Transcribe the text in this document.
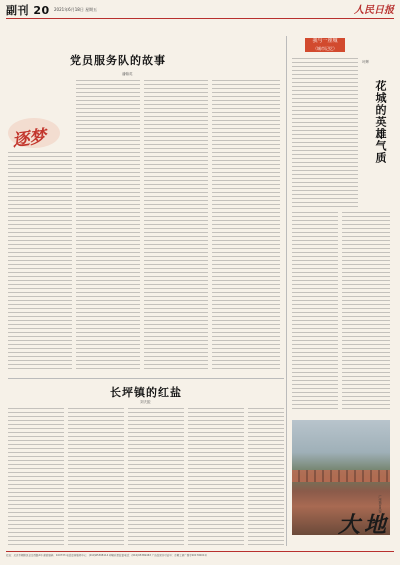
副刊 20 2021年6月18日 星期五	人民日报
党员服务队的故事
潘翰英
逐梦
我与一座城
（城市记忆）
花城的英雄气质
叶辉
长坪镇的红盐
刘夫振
广州城市风貌
大地
社址：北京市朝阳区金台西路2号 邮政编码：100733 电话查询服务中心：(010)65368114 印刷质量监督电话：(010)65369463 广告经营许可证号：京朝工商广登字20170001号
